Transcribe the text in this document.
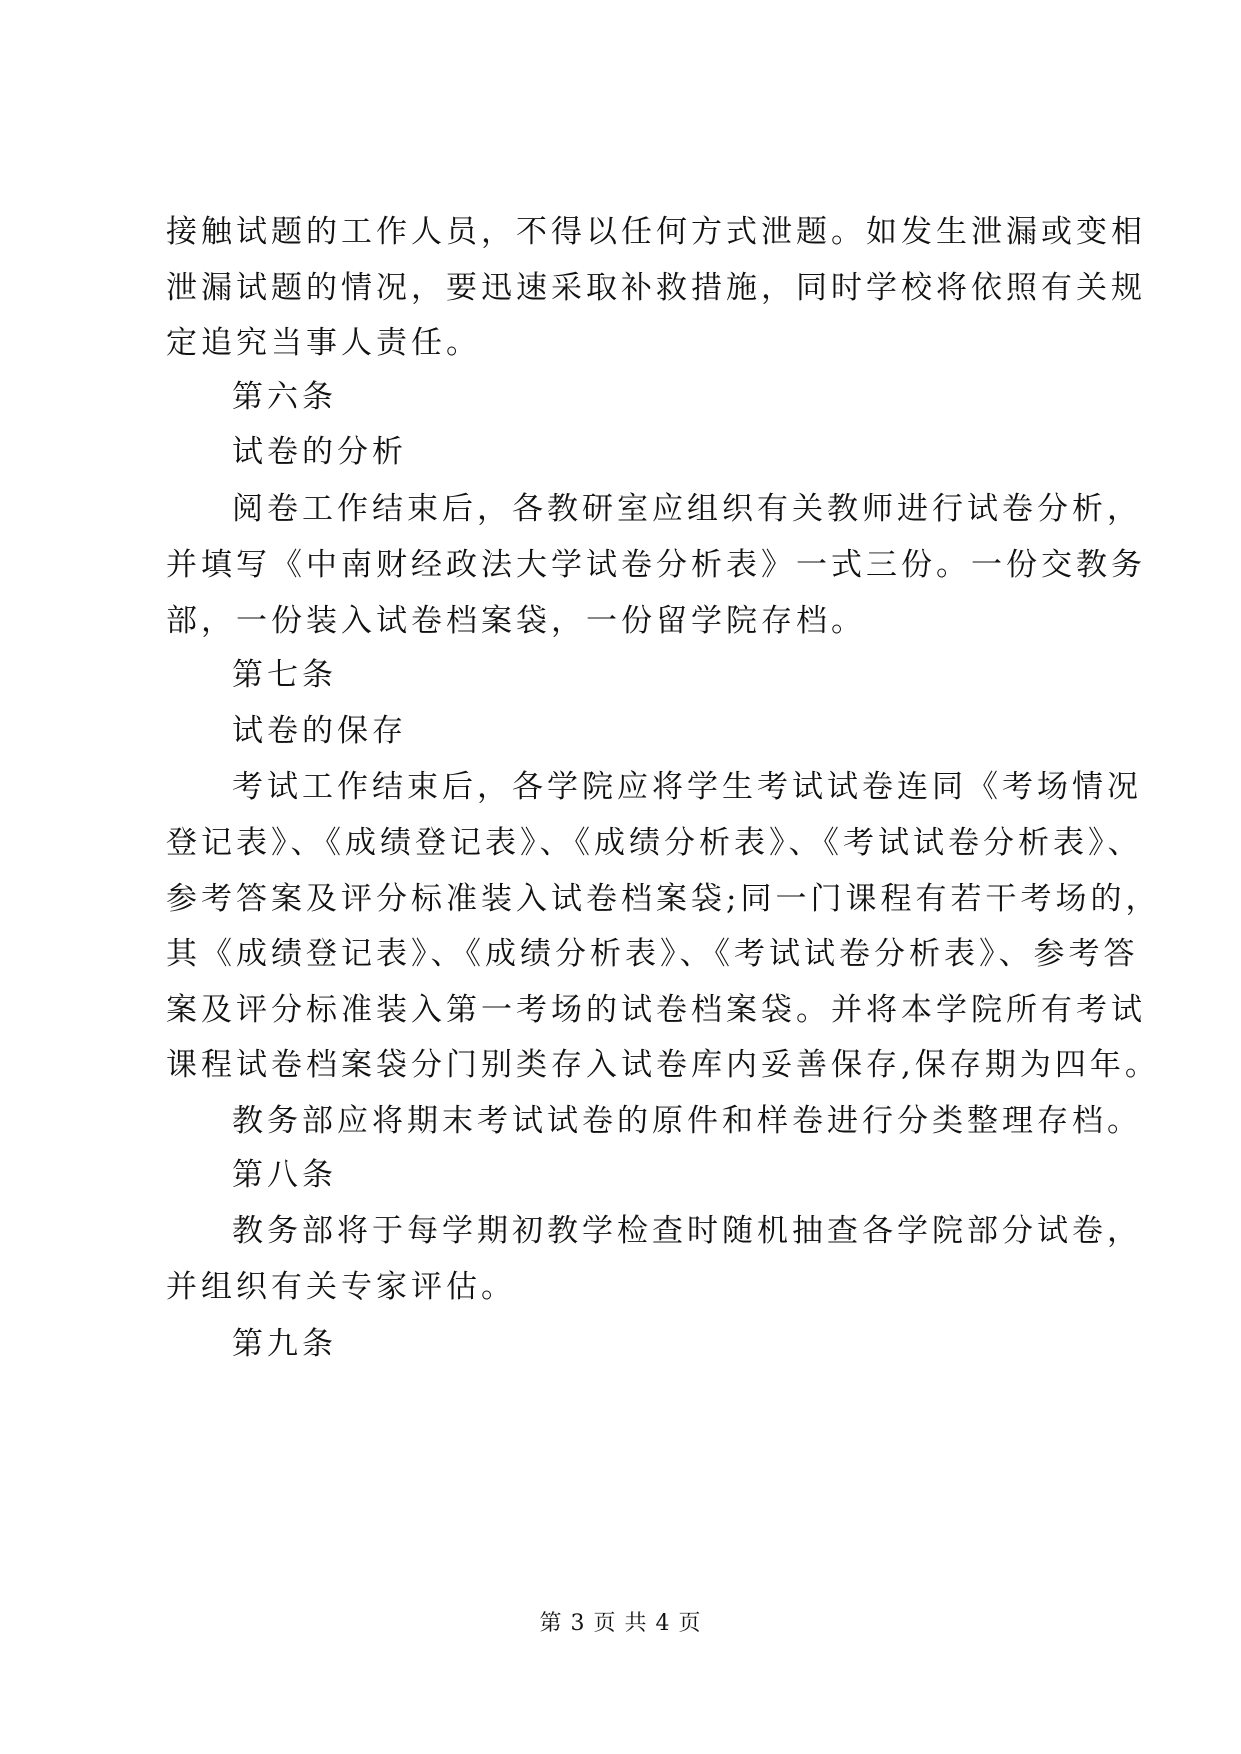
接触试题的工作人员，不得以任何方式泄题。如发生泄漏或变相
泄漏试题的情况，要迅速采取补救措施，同时学校将依照有关规
定追究当事人责任。
第六条
试卷的分析
阅卷工作结束后，各教研室应组织有关教师进行试卷分析，
并填写《中南财经政法大学试卷分析表》一式三份。一份交教务
部，一份装入试卷档案袋，一份留学院存档。
第七条
试卷的保存
考试工作结束后，各学院应将学生考试试卷连同《考场情况
登记表》、《成绩登记表》、《成绩分析表》、《考试试卷分析表》、
参考答案及评分标准装入试卷档案袋;同一门课程有若干考场的，
其《成绩登记表》、《成绩分析表》、《考试试卷分析表》、参考答
案及评分标准装入第一考场的试卷档案袋。并将本学院所有考试
课程试卷档案袋分门别类存入试卷库内妥善保存,保存期为四年。
教务部应将期末考试试卷的原件和样卷进行分类整理存档。
第八条
教务部将于每学期初教学检查时随机抽查各学院部分试卷，
并组织有关专家评估。
第九条
第 3 页 共 4 页
